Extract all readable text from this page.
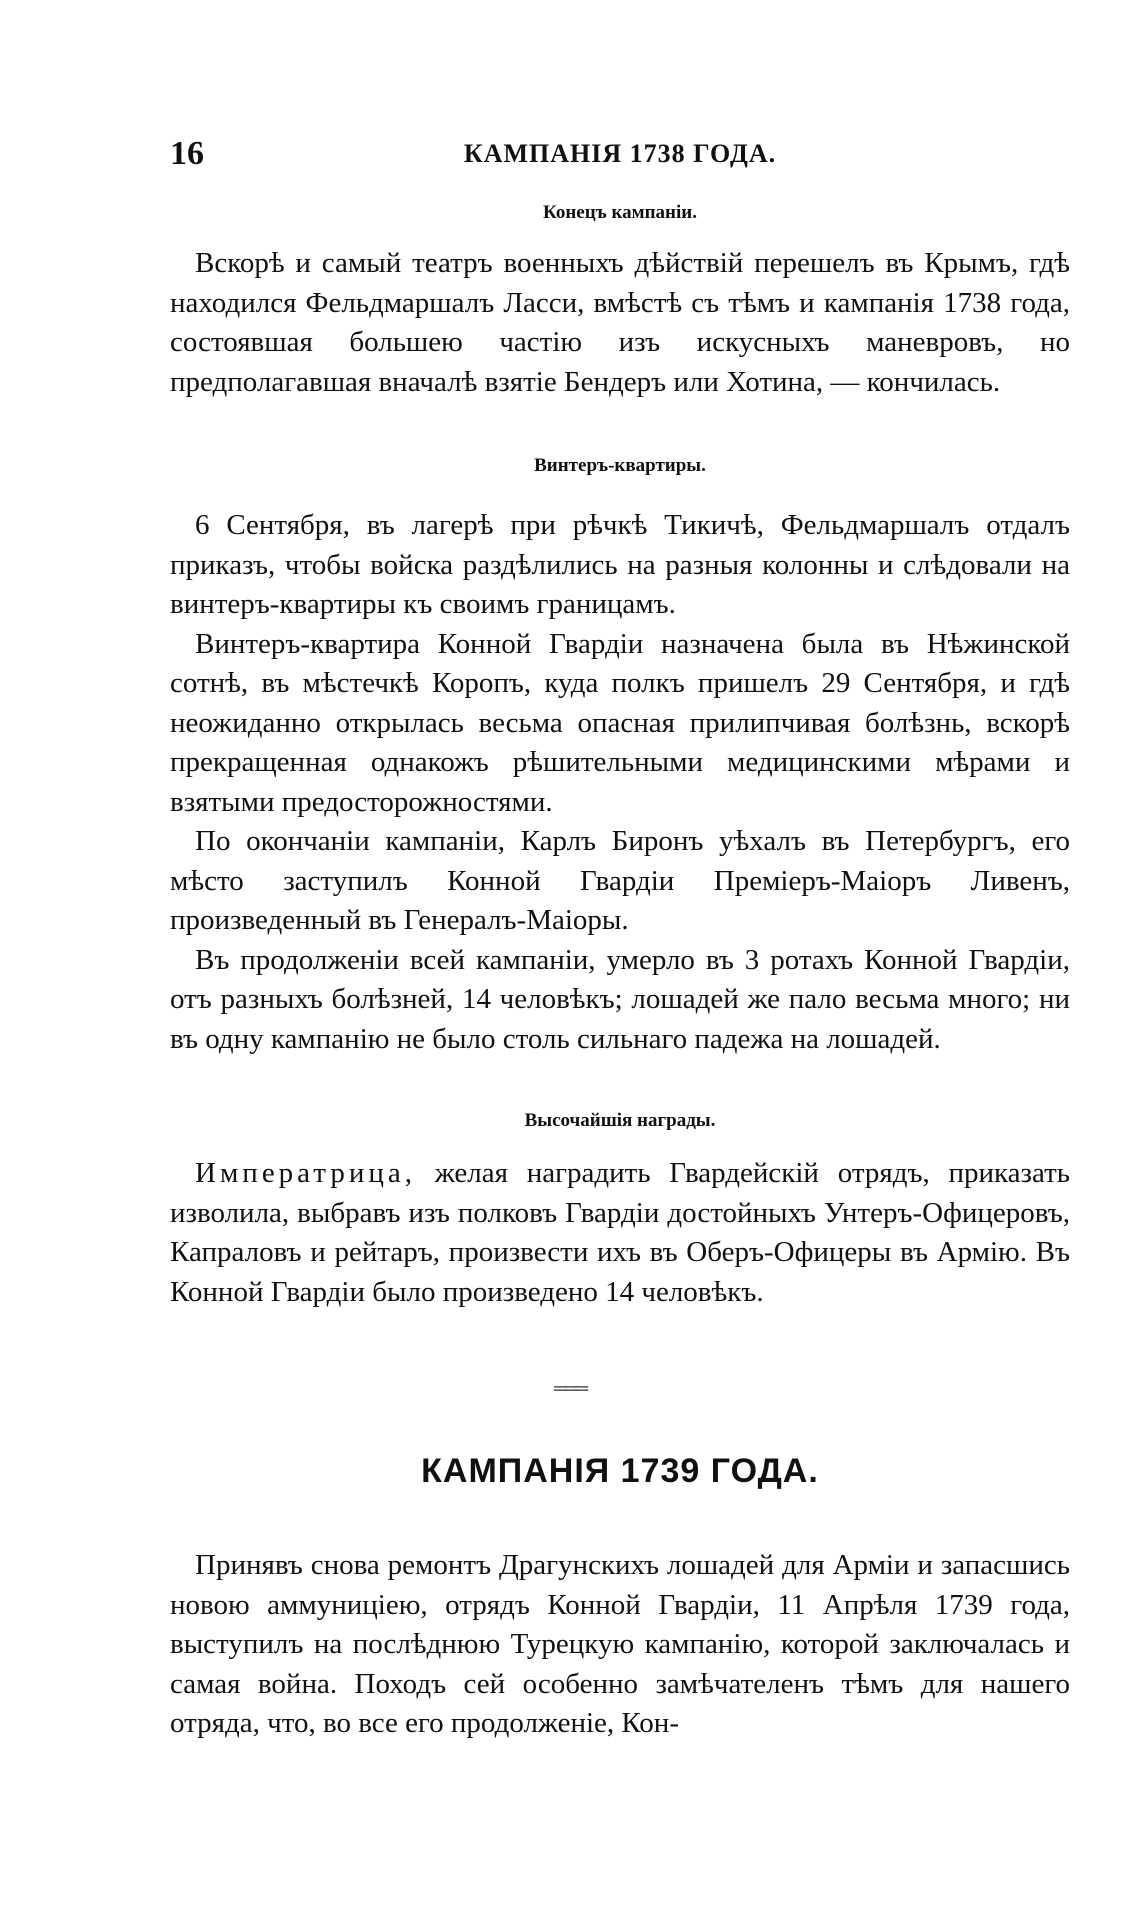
16	КАМПАНІЯ 1738 ГОДА.
Конецъ кампаніи.

Вскорѣ и самый театръ военныхъ дѣйствій перешелъ въ Крымъ, гдѣ находился Фельдмаршалъ Ласси, вмѣстѣ съ тѣмъ и кампанія 1738 года, состоявшая большею частію изъ искусныхъ маневровъ, но предполагавшая вначалѣ взятіе Бендеръ или Хотина, — кончилась.

Винтеръ-квартиры.

6 Сентября, въ лагерѣ при рѣчкѣ Тикичѣ, Фельдмаршалъ отдалъ приказъ, чтобы войска раздѣлились на разныя колонны и слѣдовали на винтеръ-квартиры къ своимъ границамъ.

Винтеръ-квартира Конной Гвардіи назначена была въ Нѣжинской сотнѣ, въ мѣстечкѣ Коропъ, куда полкъ пришелъ 29 Сентября, и гдѣ неожиданно открылась весьма опасная прилипчивая болѣзнь, вскорѣ прекращенная однакожъ рѣшительными медицинскими мѣрами и взятыми предосторожностями.

По окончаніи кампаніи, Карлъ Биронъ уѣхалъ въ Петербургъ, его мѣсто заступилъ Конной Гвардіи Преміеръ-Маіоръ Ливенъ, произведенный въ Генералъ-Маіоры.

Въ продолженіи всей кампаніи, умерло въ 3 ротахъ Конной Гвардіи, отъ разныхъ болѣзней, 14 человѣкъ; лошадей же пало весьма много; ни въ одну кампанію не было столь сильнаго падежа на лошадей.

Высочайшія награды.

Императрица, желая наградить Гвардейскій отрядъ, приказать изволила, выбравъ изъ полковъ Гвардіи достойныхъ Унтеръ-Офицеровъ, Капраловъ и рейтаръ, произвести ихъ въ Оберъ-Офицеры въ Армію. Въ Конной Гвардіи было произведено 14 человѣкъ.

═══
КАМПАНІЯ 1739 ГОДА.

Принявъ снова ремонтъ Драгунскихъ лошадей для Арміи и запасшись новою аммуниціею, отрядъ Конной Гвардіи, 11 Апрѣля 1739 года, выступилъ на послѣднюю Турецкую кампанію, которой заключалась и самая война. Походъ сей особенно замѣчателенъ тѣмъ для нашего отряда, что, во все его продолженіе, Кон-
